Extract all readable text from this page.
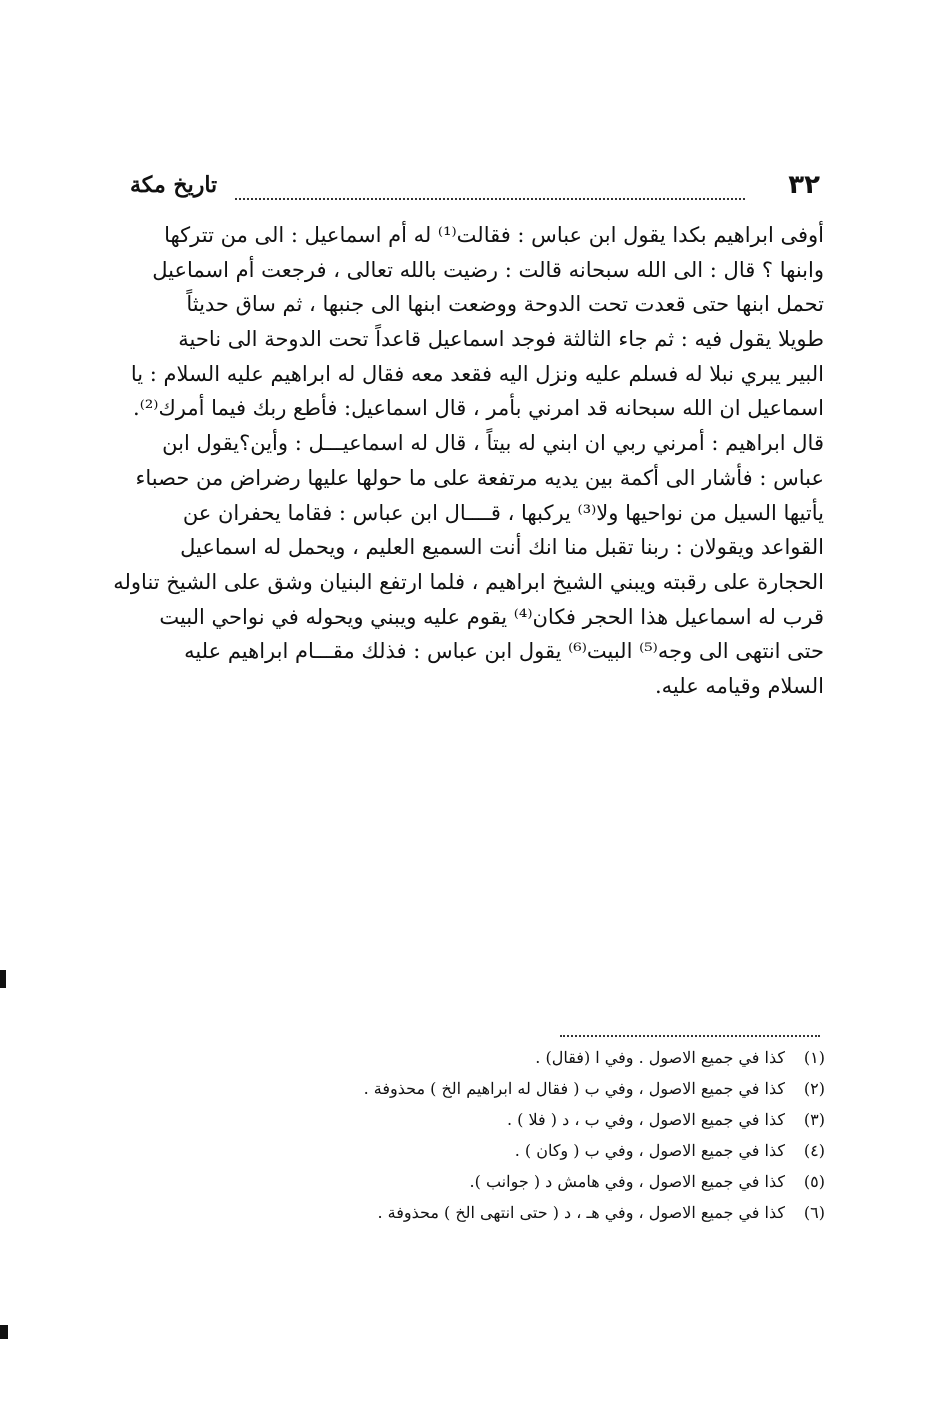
٣٢
تاريخ مكة
أوفى ابراهيم بكدا يقول ابن عباس : فقالت⁽¹⁾ له أم اسماعيل : الى من تتركها
وابنها ؟ قال : الى الله سبحانه قالت : رضيت بالله تعالى ، فرجعت أم اسماعيل
تحمل ابنها حتى قعدت تحت الدوحة ووضعت ابنها الى جنبها ، ثم ساق حديثاً
طويلا يقول فيه : ثم جاء الثالثة فوجد اسماعيل قاعداً تحت الدوحة الى ناحية
البير يبري نبلا له فسلم عليه ونزل اليه فقعد معه فقال له ابراهيم عليه السلام : يا
اسماعيل ان الله سبحانه قد امرني بأمر ، قال اسماعيل: فأطع ربك فيما أمرك⁽²⁾.
قال ابراهيم : أمرني ربي ان ابني له بيتاً ، قال له اسماعيـــل : وأين؟يقول ابن
عباس : فأشار الى أكمة بين يديه مرتفعة على ما حولها عليها رضراض من حصباء
يأتيها السيل من نواحيها ولا⁽³⁾ يركبها ، قــــال ابن عباس : فقاما يحفران عن
القواعد ويقولان : ربنا تقبل منا انك أنت السميع العليم ، ويحمل له اسماعيل
الحجارة على رقبته ويبني الشيخ ابراهيم ، فلما ارتفع البنيان وشق على الشيخ تناوله
قرب له اسماعيل هذا الحجر فكان⁽⁴⁾ يقوم عليه ويبني ويحوله في نواحي البيت
حتى انتهى الى وجه⁽⁵⁾ البيت⁽⁶⁾ يقول ابن عباس : فذلك مقـــام ابراهيم عليه
السلام وقيامه عليه.
(١)كذا في جميع الاصول . وفي ا (فقال) .
(٢)كذا في جميع الاصول ، وفي ب ( فقال له ابراهيم الخ ) محذوفة .
(٣)كذا في جميع الاصول ، وفي ب ، د ( فلا ) .
(٤)كذا في جميع الاصول ، وفي ب ( وكان ) .
(٥)كذا في جميع الاصول ، وفي هامش د ( جوانب ).
(٦)كذا في جميع الاصول ، وفي هـ ، د ( حتى انتهى الخ ) محذوفة .
